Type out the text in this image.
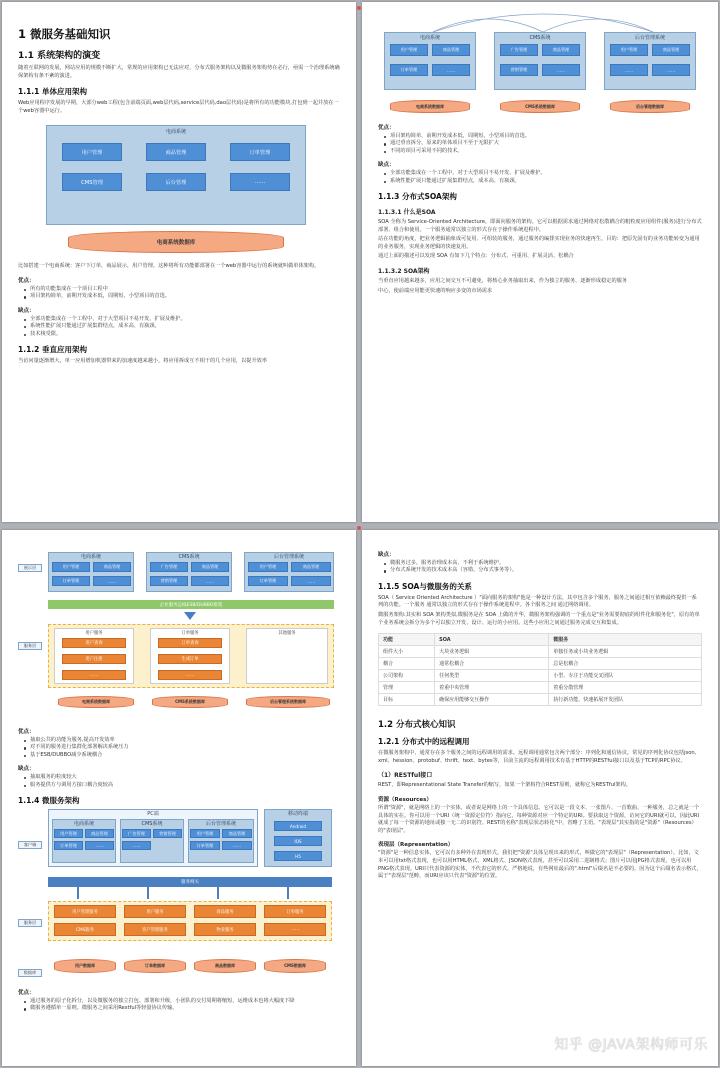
1 微服务基础知识
1.1 系统架构的演变
随着互联网的发展，网站应用的规模不断扩大，常规的应用架构已无法应对，分布式服务架构以及微服务架构势在必行，亟需一个治理系统确保架构有条不紊的演进。
1.1.1 单体应用架构
Web应用程序发展的早期，大部分web工程(包含前端页面,web层代码,service层代码,dao层代码)是将所有的功能模块,打包到一起并放在一个web容器中运行。
电商系统
用户管理	商品管理	订单管理
CMS管理	后台管理	……
电商系统数据库
比如搭建一个电商系统：客户下订单，商品展示，用户管理。这种将所有功能都部署在一个web容器中运行的系统就叫做单体架构。
优点：
所有的功能集成在一个项目工程中
项目架构简单，前期开发成本低，周期短，小型项目的首选。
缺点：
全部功能集成在一个工程中，对于大型项目不易开发、扩展及维护。
系统性能扩展只能通过扩展集群结点，成本高、有瓶颈。
技术栈受限。
1.1.2 垂直应用架构
当访问量逐渐增大，单一应用增加机器带来的加速度越来越小，将应用拆成互不相干的几个应用，以提升效率
电商系统
用户管理	商品管理
订单管理	……
电商系统数据库
CMS系统
广告管理	商品管理
营销管理	……
CMS系统数据库
后台管理系统
用户管理	商品管理
……	……
后台管理数据库
优点：
项目架构简单，前期开发成本低，周期短，小型项目的首选。
通过垂直拆分，原来的单体项目不至于无限扩大
不同的项目可采用不同的技术。
缺点：
全部功能集成在一个工程中，对于大型项目不易开发、扩展及维护。
系统性能扩展只能通过扩展集群结点，成本高、有瓶颈。
1.1.3 分布式SOA架构
1.1.3.1 什么是SOA
SOA 全称为 Service-Oriented Architecture，即面向服务的架构。它可以根据需求通过网络对松散耦合的粗粒度应用组件(服务)进行分布式部署、组合和使用。一个服务通常以独立的形式存在于操作系统进程中。
站在功能的角度，把业务逻辑抽象成可复用、可组装的服务，通过服务的编排实现业务的快速再生，目的：把原先固有的业务功能转变为通用的业务服务，实现业务逻辑的快速复用。
通过上面的描述可以发现 SOA 有如下几个特点：分布式、可重用、扩展灵活、松耦合
1.1.3.2 SOA架构
当垂直应用越来越多，应用之间交互不可避免，将核心业务抽取出来，作为独立的服务，逐渐形成稳定的服务
中心，使前端应用能更快速的响应多变的市场需求
展示层
服务层
电商系统
用户管理	商品管理
订单管理	……
CMS系统
广告管理	商品管理
营销管理	……
后台管理系统
用户管理	商品管理
订单管理	……
企业服务总线ESB/DUBBO框架
用户服务
用户查询
用户注册
……
订单服务
订单查询
生成订单
……
其他服务
电商系统数据库	CMS系统数据库	后台管理系统数据库
优点：
抽取公共的功能为服务,提高开发效率
对不同的服务进行集群化部署解决系统压力
基于ESB/DUBBO减少系统耦合
缺点：
抽取服务的粒度较大
服务提供方与调用方接口耦合度较高
1.1.4 微服务架构
客户端
服务层
数据库
PC端
电商系统
用户管理	商品管理
订单管理	……
CMS系统
广告管理	营销管理
……
后台管理系统
用户管理	商品管理
订单管理	……
移动终端
Android
IOS
H5
服务网关
用户管理服务	用户服务	商品服务	订单服务
CMS服务	客户管理服务	物业服务	……
用户数据库	订单数据库	商品数据库	CMS数据库
优点：
通过服务的原子化拆分，以及微服务的独立打包、部署和升级，小团队的交付周期将缩短，运维成本也将大幅度下降
微服务遵循单一原则。微服务之间采用Restful等轻量协议传输。
缺点：
微服务过多，服务治理成本高，不利于系统维护。
分布式系统开发的技术成本高（容错、分布式事务等）。
1.1.5 SOA与微服务的关系
SOA（ Service Oriented Architecture ）"面向服务的架构"他是一种设计方法，其中包含多个服务，服务之间通过相互依赖最终提供一系列的功能。一个服务 通常以独立的形式存在于操作系统进程中。各个服务之间 通过网络调用。
微服务架构:其实和 SOA 架构类似,微服务是在 SOA 上做的升华，微服务架构强调的一个重点是"业务需要彻底的组件化和服务化"，原有的单个业务系统会拆分为多个可以独立开发、设计、运行的小应用。这些小应用之间通过服务完成交互和集成。
功能	SOA	微服务
组件大小	大块业务逻辑	单独任务或小块业务逻辑
耦合	通常松耦合	总是松耦合
公司架构	任何类型	小型、专注于功能交叉团队
管理	着重中央管理	着重分散管理
目标	确保应用能够交互操作	执行新功能、快速拓展开发团队
1.2 分布式核心知识
1.2.1 分布式中的远程调用
在微服务架构中，通常存在多个服务之间的远程调用的需求。远程调用通常包含两个部分：序列化和通信协议。常见的序列化协议包括json、xml、hession、protobuf、thrift、text、bytes等，目前主流的远程调用技术有基于HTTP的RESTful接口以及基于TCP的RPC协议。
（1）RESTful接口
REST，即Representational State Transfer的缩写，如果一个架构符合REST原则，就称它为RESTful架构。
资源（Resources）
所谓"资源"，就是网络上的一个实体，或者说是网络上的一个具体信息。它可以是一段文本、一张图片、一首歌曲、一种服务，总之就是一个具体的实在。你可以用一个URI（统一资源定位符）指向它，每种资源对应一个特定的URI。要获取这个资源，访问它的URI就可以，因此URI就成了每一个资源的地址或独一无二的识别符。REST的名称"表现层状态转化"中，省略了主语。"表现层"其实指的是"资源"（Resources）的"表现层"。
表现层（Representation）
"资源"是一种信息实体，它可以有多种外在表现形式。我们把"资源"具体呈现出来的形式，叫做它的"表现层"（Representation）。比如，文本可以用txt格式表现，也可以用HTML格式、XML格式、JSON格式表现，甚至可以采用二进制格式；图片可以用JPG格式表现，也可以用PNG格式表现。URI只代表资源的实体，不代表它的形式。严格地说，有些网址最后的".html"后缀名是不必要的，因为这个后缀名表示格式，属于"表现层"范畴，而URI应该只代表"资源"的位置。
知乎 @JAVA架构师可乐
